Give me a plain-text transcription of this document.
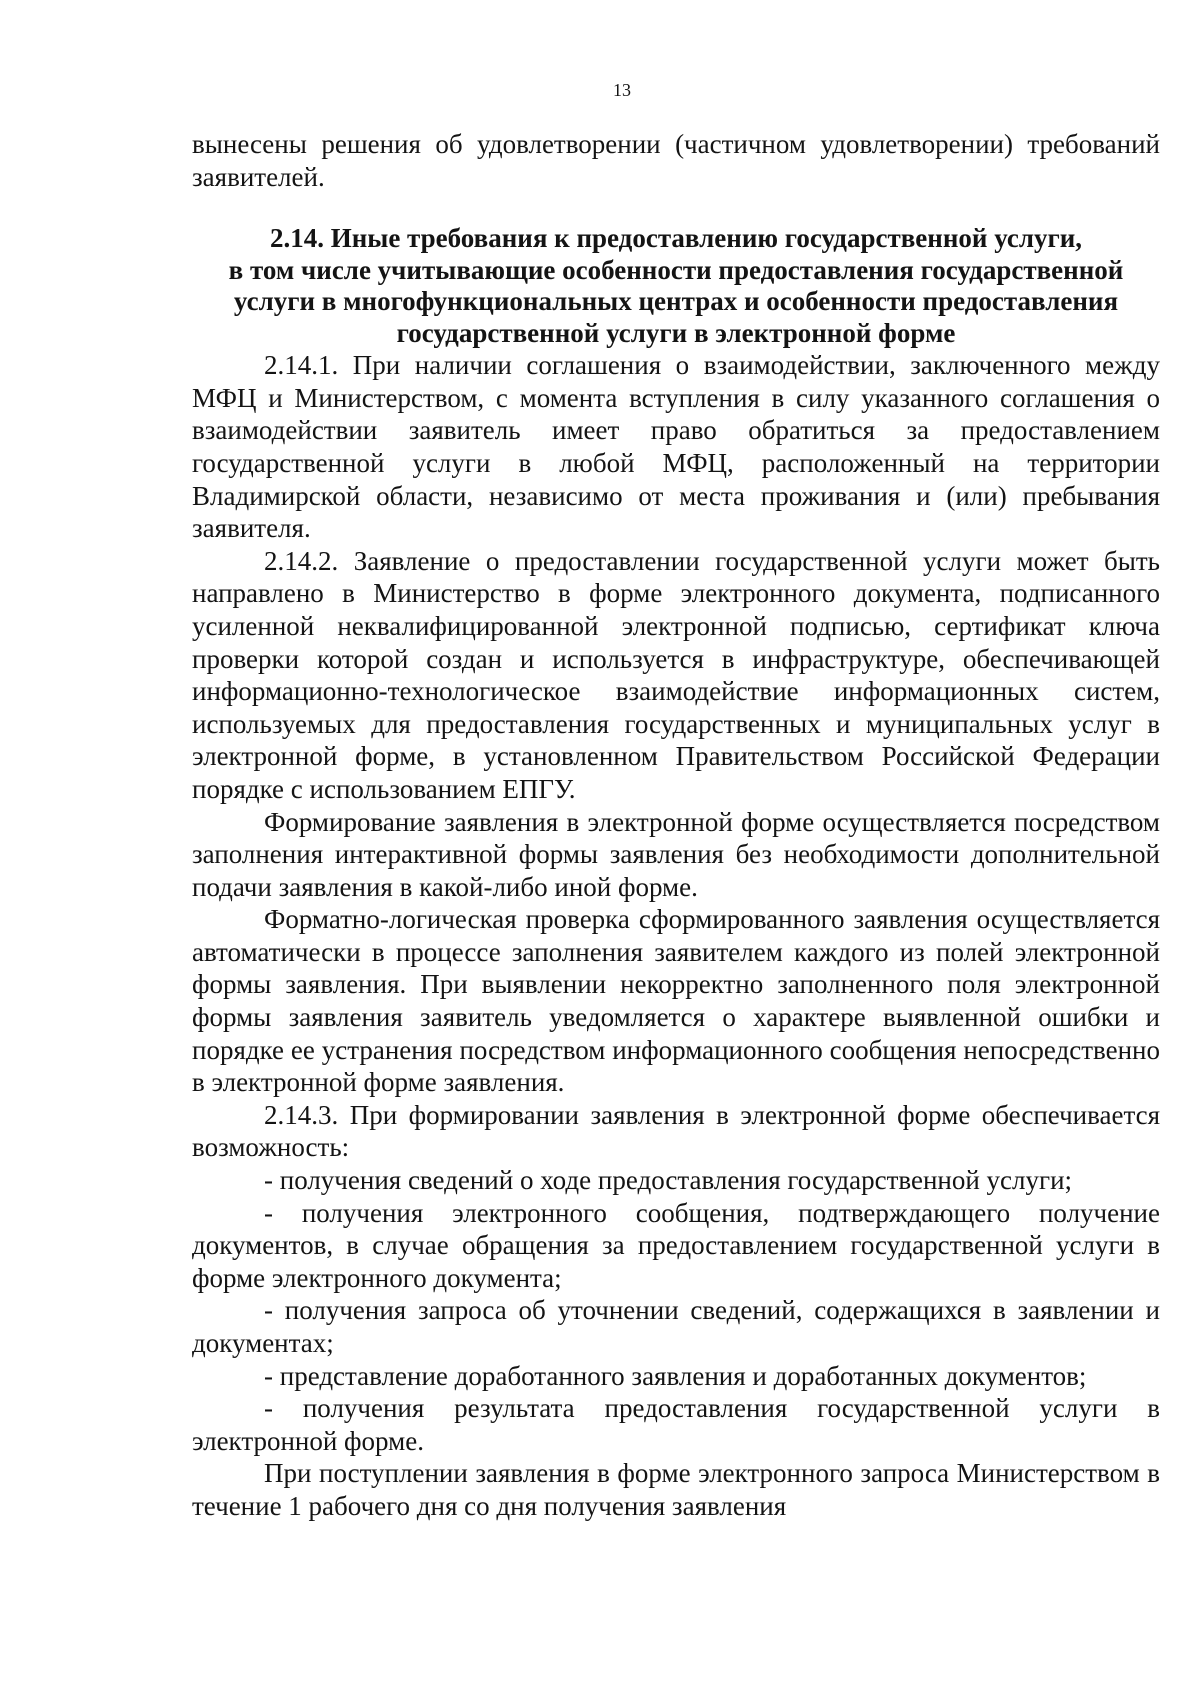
13

вынесены решения об удовлетворении (частичном удовлетворении) требований заявителей.

2.14. Иные требования к предоставлению государственной услуги,
в том числе учитывающие особенности предоставления государственной
услуги в многофункциональных центрах и особенности предоставления
государственной услуги в электронной форме

2.14.1. При наличии соглашения о взаимодействии, заключенного между МФЦ и Министерством, с момента вступления в силу указанного соглашения о взаимодействии заявитель имеет право обратиться за предоставлением государственной услуги в любой МФЦ, расположенный на территории Владимирской области, независимо от места проживания и (или) пребывания заявителя.

2.14.2. Заявление о предоставлении государственной услуги может быть направлено в Министерство в форме электронного документа, подписанного усиленной неквалифицированной электронной подписью, сертификат ключа проверки которой создан и используется в инфраструктуре, обеспечивающей информационно-технологическое взаимодействие информационных систем, используемых для предоставления государственных и муниципальных услуг в электронной форме, в установленном Правительством Российской Федерации порядке с использованием ЕПГУ.

Формирование заявления в электронной форме осуществляется посредством заполнения интерактивной формы заявления без необходимости дополнительной подачи заявления в какой-либо иной форме.

Форматно-логическая проверка сформированного заявления осуществляется автоматически в процессе заполнения заявителем каждого из полей электронной формы заявления. При выявлении некорректно заполненного поля электронной формы заявления заявитель уведомляется о характере выявленной ошибки и порядке ее устранения посредством информационного сообщения непосредственно в электронной форме заявления.

2.14.3. При формировании заявления в электронной форме обеспечивается возможность:

- получения сведений о ходе предоставления государственной услуги;

- получения электронного сообщения, подтверждающего получение документов, в случае обращения за предоставлением государственной услуги в форме электронного документа;

- получения запроса об уточнении сведений, содержащихся в заявлении и документах;

- представление доработанного заявления и доработанных документов;

- получения результата предоставления государственной услуги в электронной форме.

При поступлении заявления в форме электронного запроса Министерством в течение 1 рабочего дня со дня получения заявления
